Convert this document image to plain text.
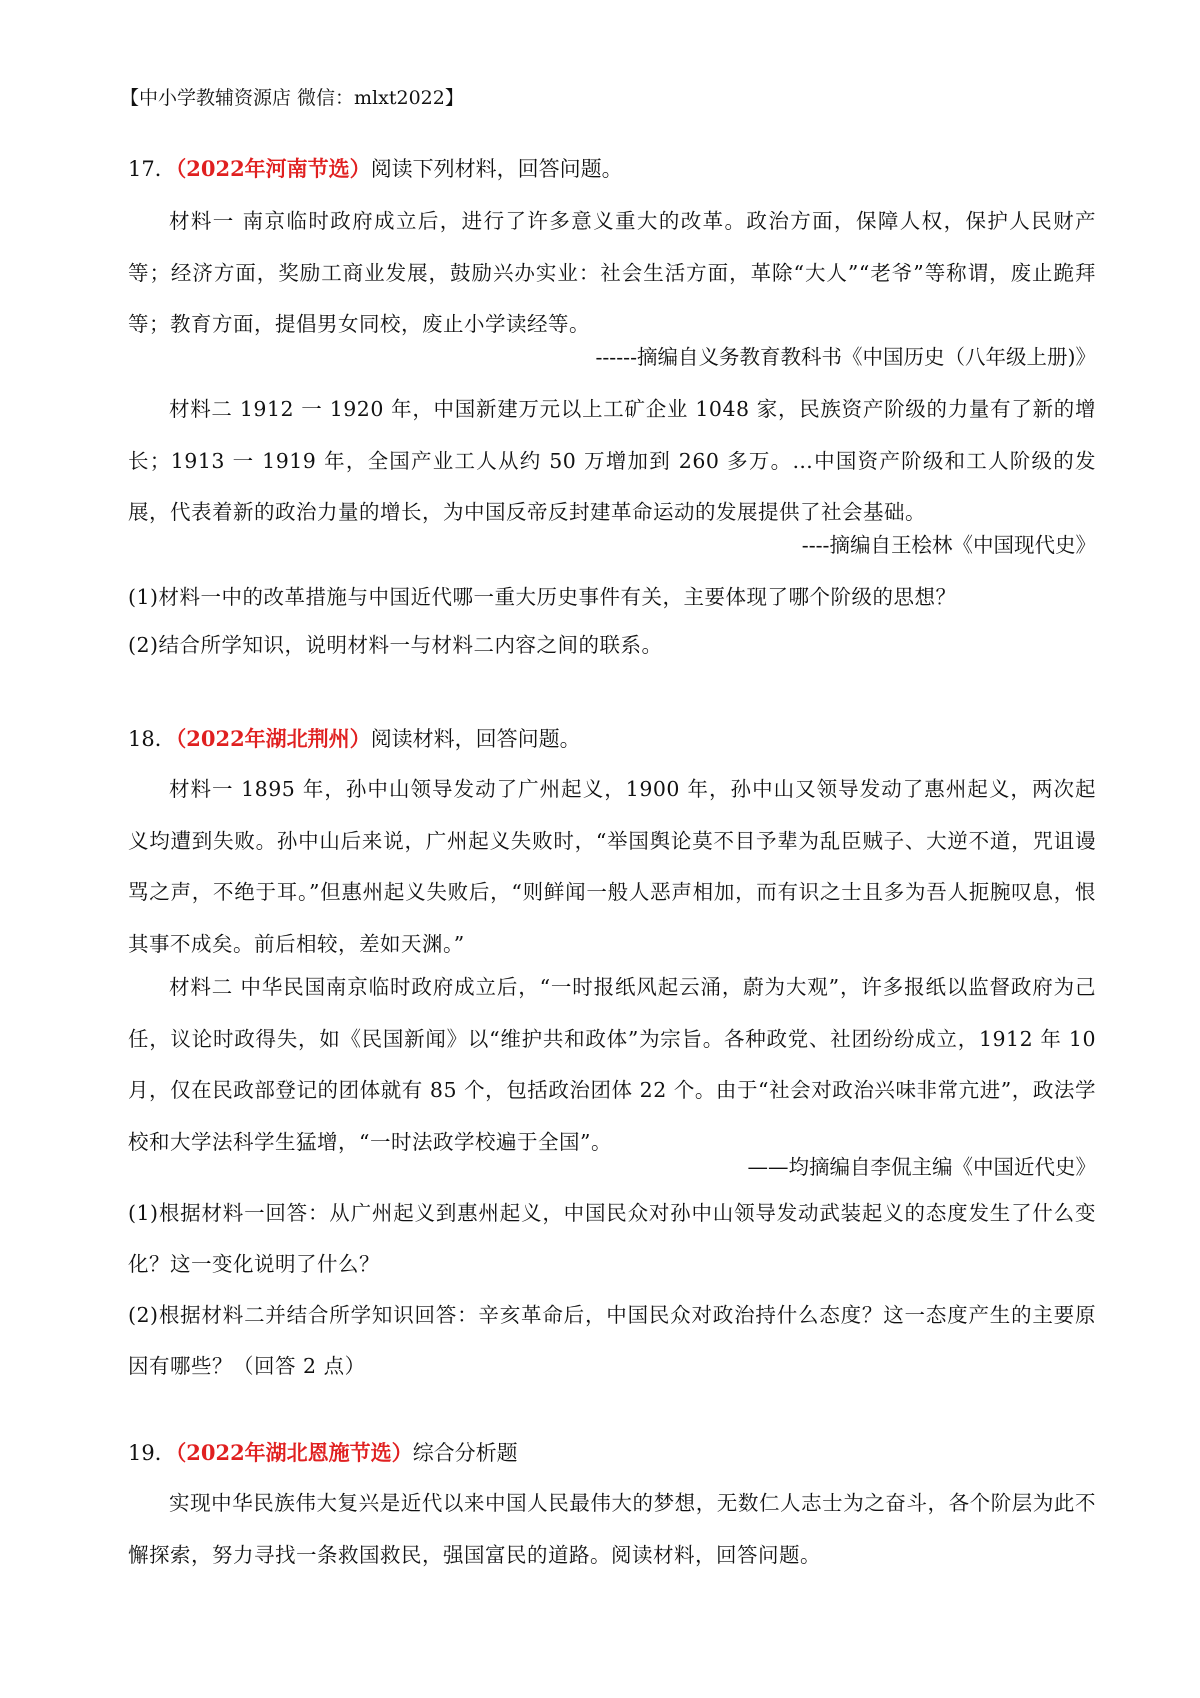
【中小学教辅资源店 微信：mlxt2022】
17．（2022年河南节选）阅读下列材料，回答问题。
材料一 南京临时政府成立后，进行了许多意义重大的改革。政治方面，保障人权，保护人民财产等；经济方面，奖励工商业发展，鼓励兴办实业：社会生活方面，革除“大人”“老爷”等称谓，废止跪拜等；教育方面，提倡男女同校，废止小学读经等。
------摘编自义务教育教科书《中国历史（八年级上册)》
材料二 1912 一 1920 年，中国新建万元以上工矿企业 1048 家，民族资产阶级的力量有了新的增长；1913 一 1919 年，全国产业工人从约 50 万增加到 260 多万。…中国资产阶级和工人阶级的发展，代表着新的政治力量的增长，为中国反帝反封建革命运动的发展提供了社会基础。
----摘编自王桧林《中国现代史》
(1)材料一中的改革措施与中国近代哪一重大历史事件有关，主要体现了哪个阶级的思想？
(2)结合所学知识，说明材料一与材料二内容之间的联系。
18．（2022年湖北荆州）阅读材料，回答问题。
材料一 1895 年，孙中山领导发动了广州起义，1900 年，孙中山又领导发动了惠州起义，两次起义均遭到失败。孙中山后来说，广州起义失败时，“举国舆论莫不目予辈为乱臣贼子、大逆不道，咒诅谩骂之声，不绝于耳。”但惠州起义失败后，“则鲜闻一般人恶声相加，而有识之士且多为吾人扼腕叹息，恨其事不成矣。前后相较，差如天渊。”
材料二 中华民国南京临时政府成立后，“一时报纸风起云涌，蔚为大观”，许多报纸以监督政府为己任，议论时政得失，如《民国新闻》以“维护共和政体”为宗旨。各种政党、社团纷纷成立，1912 年 10 月，仅在民政部登记的团体就有 85 个，包括政治团体 22 个。由于“社会对政治兴味非常亢进”，政法学校和大学法科学生猛增，“一时法政学校遍于全国”。
——均摘编自李侃主编《中国近代史》
(1)根据材料一回答：从广州起义到惠州起义，中国民众对孙中山领导发动武装起义的态度发生了什么变化？这一变化说明了什么？
(2)根据材料二并结合所学知识回答：辛亥革命后，中国民众对政治持什么态度？这一态度产生的主要原因有哪些？（回答 2 点）
19．（2022年湖北恩施节选）综合分析题
实现中华民族伟大复兴是近代以来中国人民最伟大的梦想，无数仁人志士为之奋斗，各个阶层为此不懈探索，努力寻找一条救国救民，强国富民的道路。阅读材料，回答问题。
